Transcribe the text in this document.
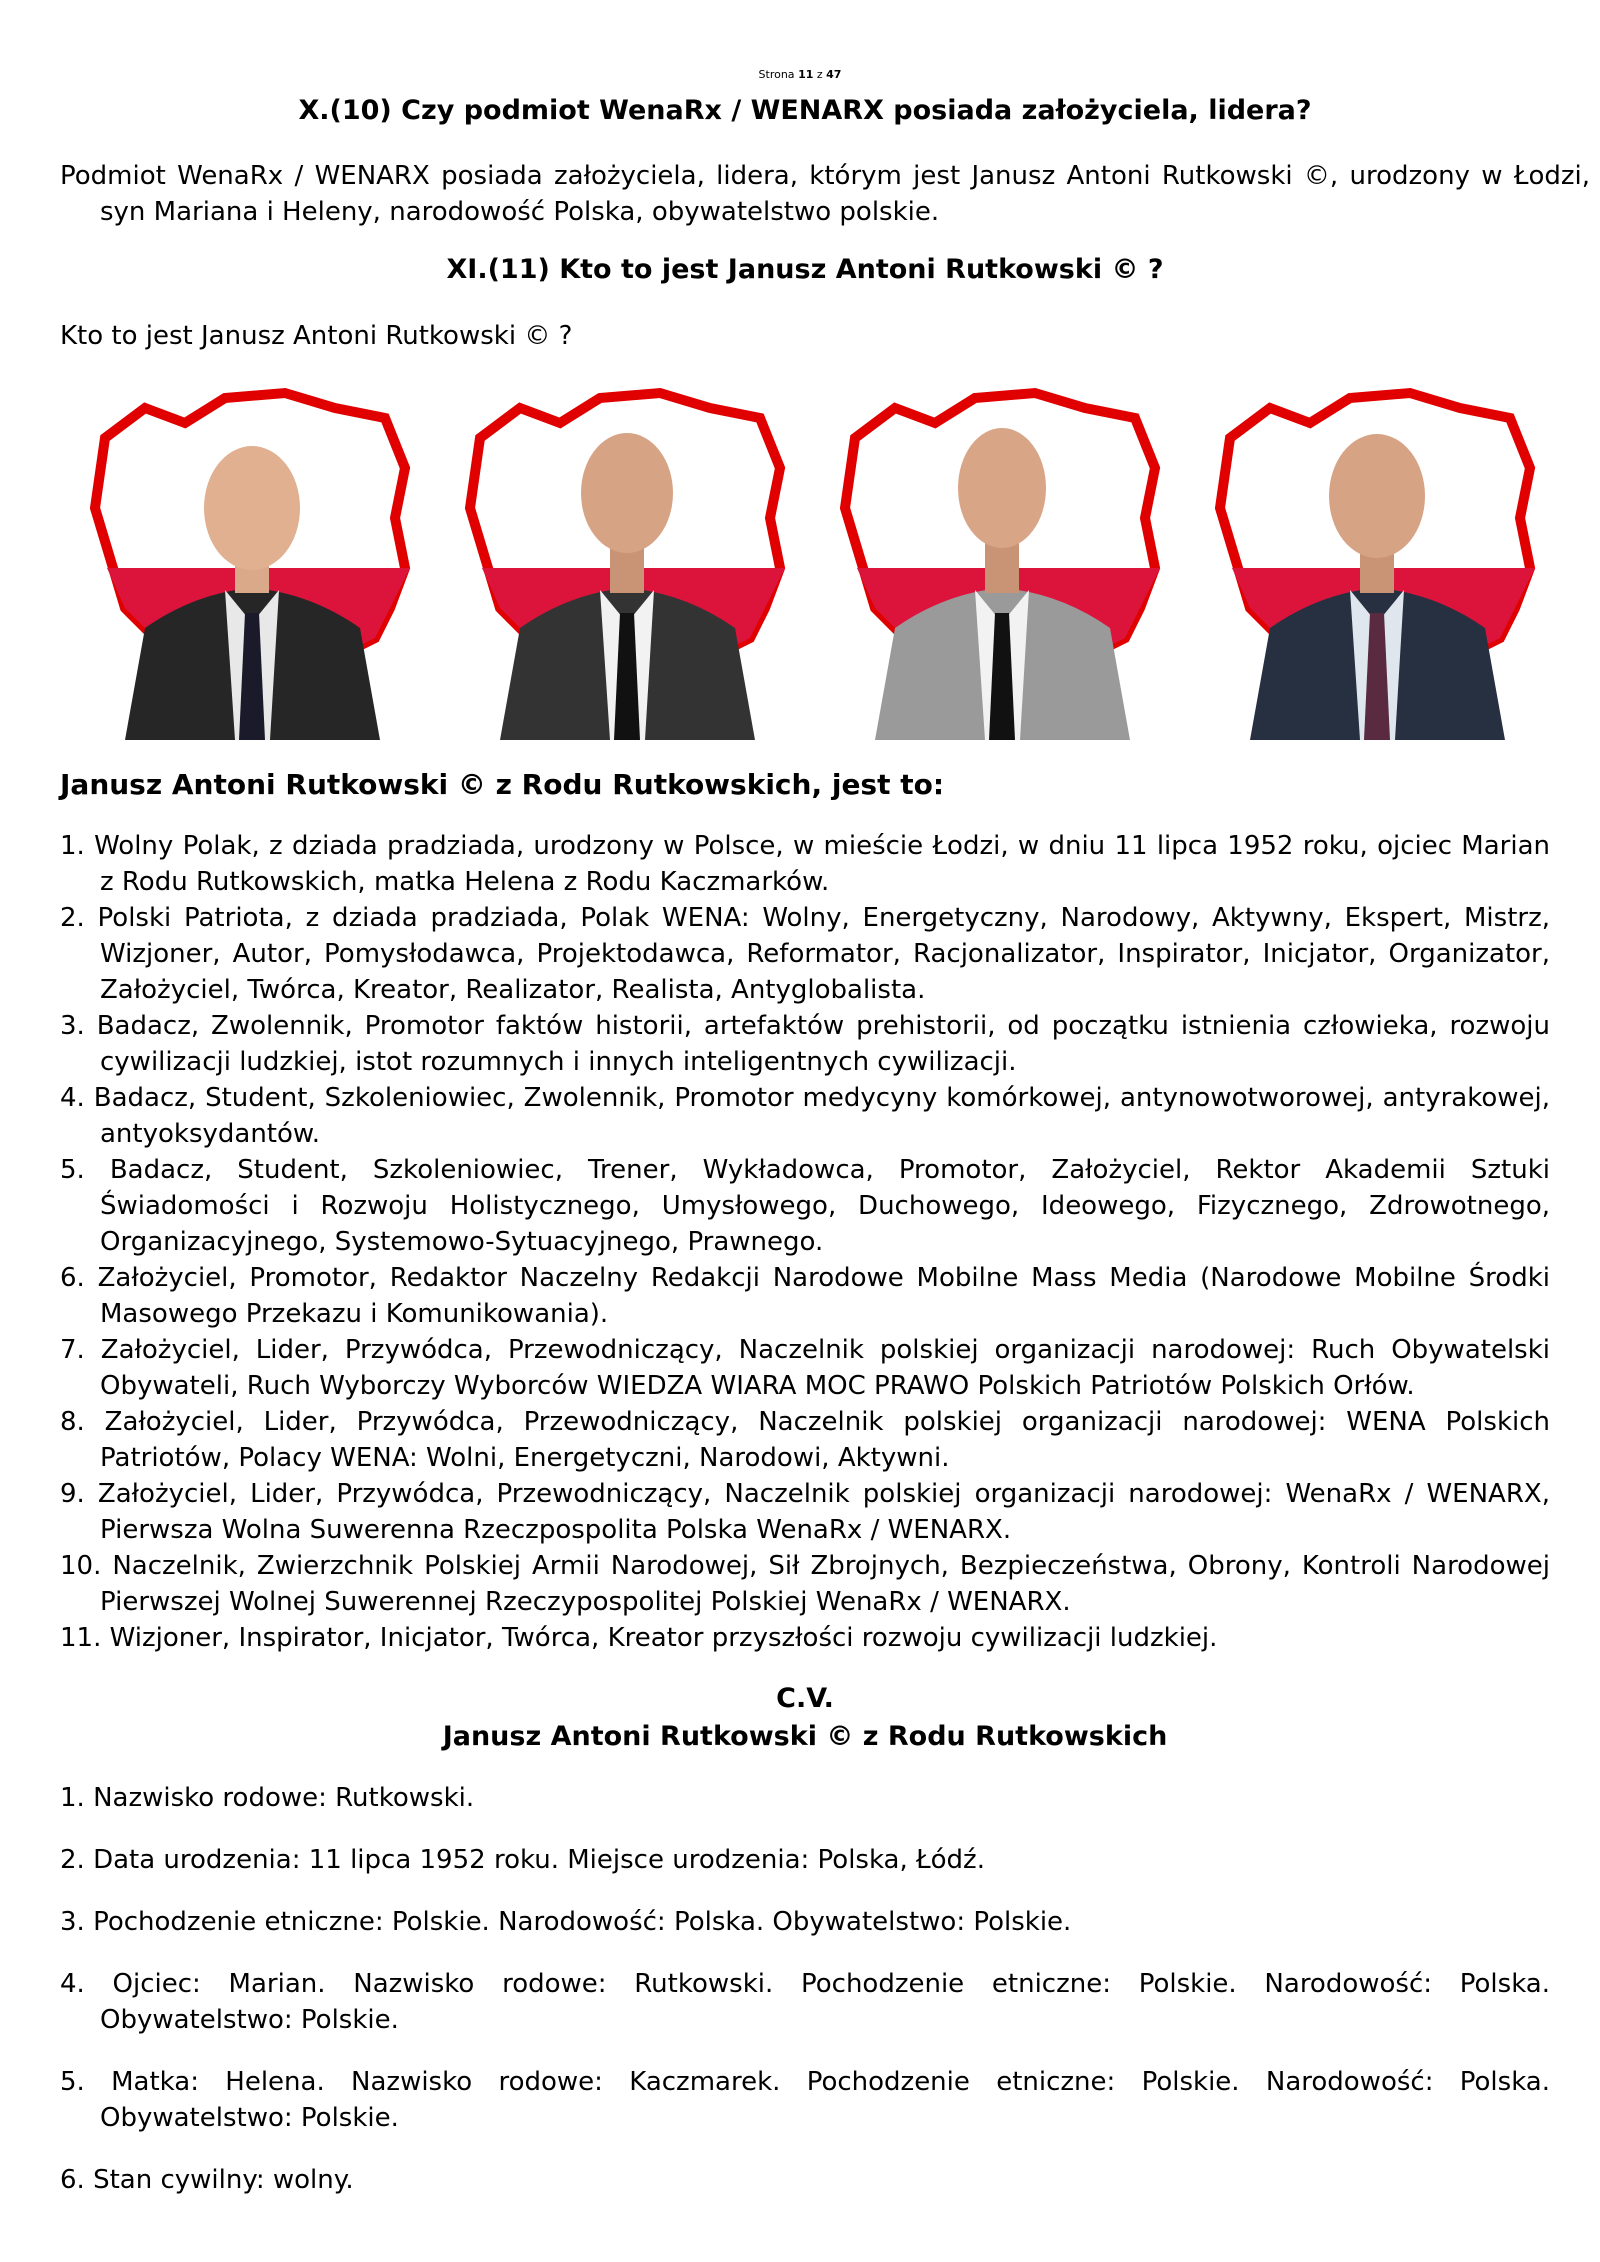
Strona 11 z 47
X.(10) Czy podmiot WenaRx / WENARX posiada założyciela, lidera?

Podmiot WenaRx / WENARX posiada założyciela, lidera, którym jest Janusz Antoni Rutkowski ©, urodzony w Łodzi, syn Mariana i Heleny, narodowość Polska, obywatelstwo polskie.

XI.(11) Kto to jest Janusz Antoni Rutkowski © ?

Kto to jest Janusz Antoni Rutkowski © ?

Janusz Antoni Rutkowski © z Rodu Rutkowskich, jest to:

1. Wolny Polak, z dziada pradziada, urodzony w Polsce, w mieście Łodzi, w dniu 11 lipca 1952 roku, ojciec Marian z Rodu Rutkowskich, matka Helena z Rodu Kaczmarków.
2. Polski Patriota, z dziada pradziada, Polak WENA: Wolny, Energetyczny, Narodowy, Aktywny, Ekspert, Mistrz, Wizjoner, Autor, Pomysłodawca, Projektodawca, Reformator, Racjonalizator, Inspirator, Inicjator, Organizator, Założyciel, Twórca, Kreator, Realizator, Realista, Antyglobalista.
3. Badacz, Zwolennik, Promotor faktów historii, artefaktów prehistorii, od początku istnienia człowieka, rozwoju cywilizacji ludzkiej, istot rozumnych i innych inteligentnych cywilizacji.
4. Badacz, Student, Szkoleniowiec, Zwolennik, Promotor medycyny komórkowej, antynowotworowej, antyrakowej, antyoksydantów.
5. Badacz, Student, Szkoleniowiec, Trener, Wykładowca, Promotor, Założyciel, Rektor Akademii Sztuki Świadomości i Rozwoju Holistycznego, Umysłowego, Duchowego, Ideowego, Fizycznego, Zdrowotnego, Organizacyjnego, Systemowo-Sytuacyjnego, Prawnego.
6. Założyciel, Promotor, Redaktor Naczelny Redakcji Narodowe Mobilne Mass Media (Narodowe Mobilne Środki Masowego Przekazu i Komunikowania).
7. Założyciel, Lider, Przywódca, Przewodniczący, Naczelnik polskiej organizacji narodowej: Ruch Obywatelski Obywateli, Ruch Wyborczy Wyborców WIEDZA WIARA MOC PRAWO Polskich Patriotów Polskich Orłów.
8. Założyciel, Lider, Przywódca, Przewodniczący, Naczelnik polskiej organizacji narodowej: WENA Polskich Patriotów, Polacy WENA: Wolni, Energetyczni, Narodowi, Aktywni.
9. Założyciel, Lider, Przywódca, Przewodniczący, Naczelnik polskiej organizacji narodowej: WenaRx / WENARX, Pierwsza Wolna Suwerenna Rzeczpospolita Polska WenaRx / WENARX.
10. Naczelnik, Zwierzchnik Polskiej Armii Narodowej, Sił Zbrojnych, Bezpieczeństwa, Obrony, Kontroli Narodowej Pierwszej Wolnej Suwerennej Rzeczypospolitej Polskiej WenaRx / WENARX.
11. Wizjoner, Inspirator, Inicjator, Twórca, Kreator przyszłości rozwoju cywilizacji ludzkiej.
C.V.
Janusz Antoni Rutkowski © z Rodu Rutkowskich
1. Nazwisko rodowe: Rutkowski.
2. Data urodzenia: 11 lipca 1952 roku. Miejsce urodzenia: Polska, Łódź.
3. Pochodzenie etniczne: Polskie. Narodowość: Polska. Obywatelstwo: Polskie.
4. Ojciec: Marian. Nazwisko rodowe: Rutkowski. Pochodzenie etniczne: Polskie. Narodowość: Polska. Obywatelstwo: Polskie.
5. Matka: Helena. Nazwisko rodowe: Kaczmarek. Pochodzenie etniczne: Polskie. Narodowość: Polska. Obywatelstwo: Polskie.
6. Stan cywilny: wolny.
